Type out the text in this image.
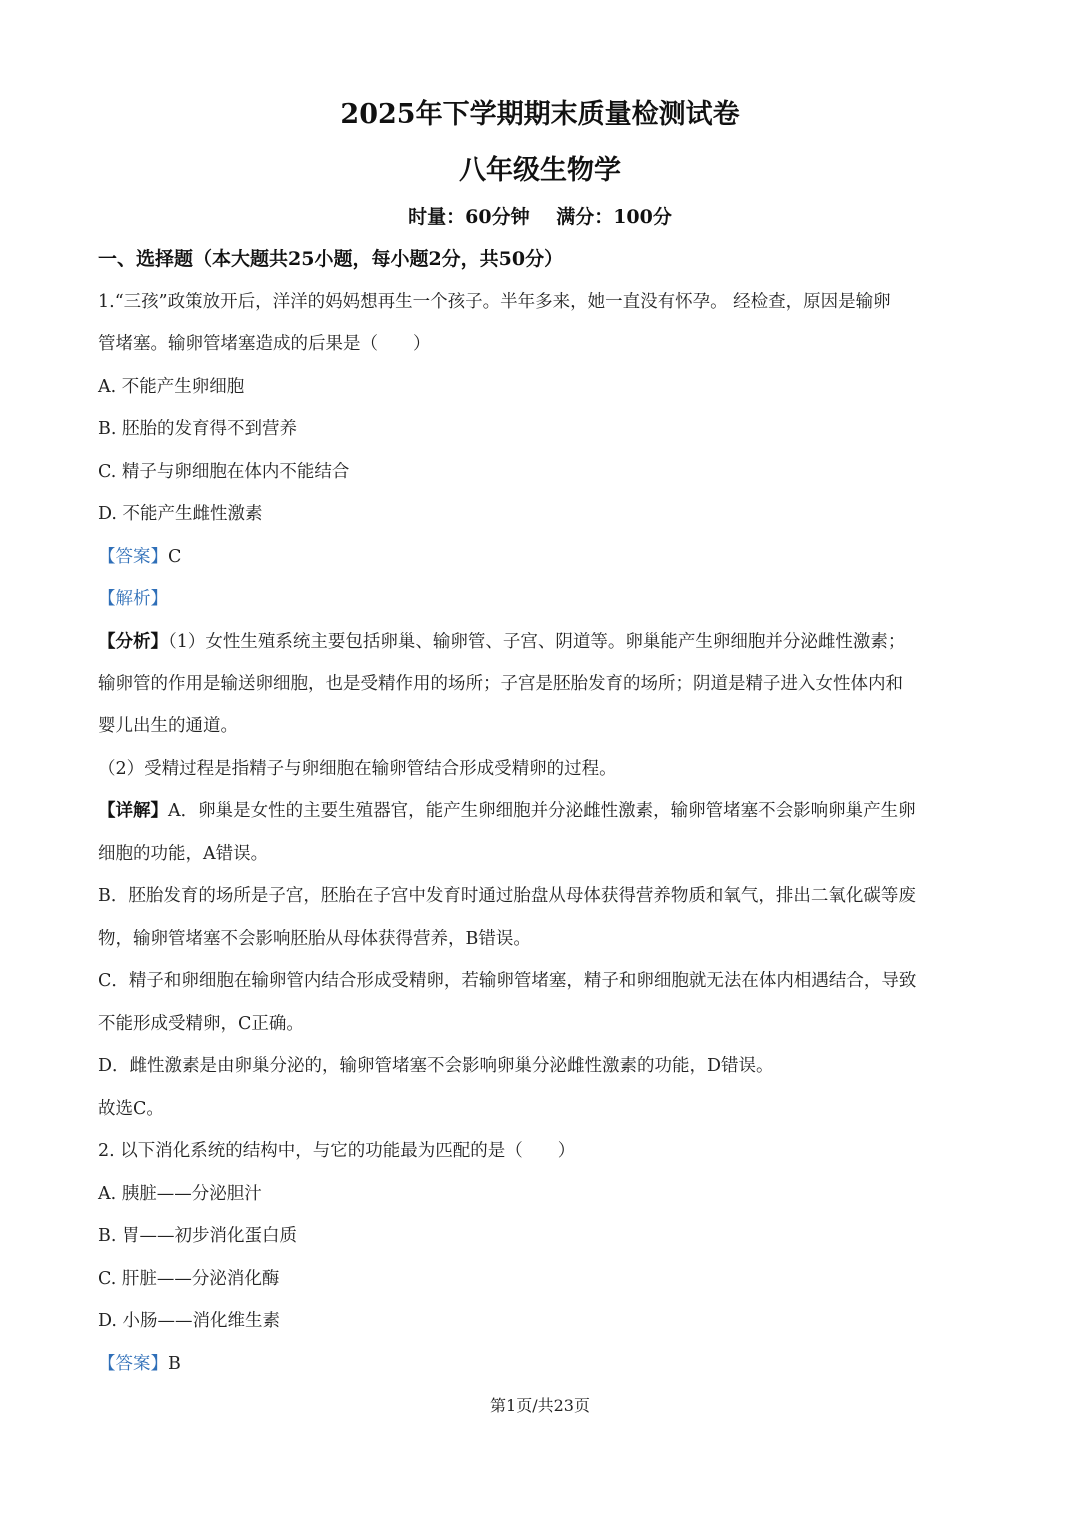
2025年下学期期末质量检测试卷
八年级生物学
时量：60分钟 满分：100分
一、选择题（本大题共25小题，每小题2分，共50分）
1.“三孩”政策放开后，洋洋的妈妈想再生一个孩子。半年多来，她一直没有怀孕。 经检查，原因是输卵
管堵塞。输卵管堵塞造成的后果是（　　）
A. 不能产生卵细胞
B. 胚胎的发育得不到营养
C. 精子与卵细胞在体内不能结合
D. 不能产生雌性激素
【答案】C
【解析】
【分析】（1）女性生殖系统主要包括卵巢、输卵管、子宫、阴道等。卵巢能产生卵细胞并分泌雌性激素；
输卵管的作用是输送卵细胞，也是受精作用的场所；子宫是胚胎发育的场所；阴道是精子进入女性体内和
婴儿出生的通道。
（2）受精过程是指精子与卵细胞在输卵管结合形成受精卵的过程。
【详解】A．卵巢是女性的主要生殖器官，能产生卵细胞并分泌雌性激素，输卵管堵塞不会影响卵巢产生卵
细胞的功能，A错误。
B．胚胎发育的场所是子宫，胚胎在子宫中发育时通过胎盘从母体获得营养物质和氧气，排出二氧化碳等废
物，输卵管堵塞不会影响胚胎从母体获得营养，B错误。
C．精子和卵细胞在输卵管内结合形成受精卵，若输卵管堵塞，精子和卵细胞就无法在体内相遇结合，导致
不能形成受精卵，C正确。
D．雌性激素是由卵巢分泌的，输卵管堵塞不会影响卵巢分泌雌性激素的功能，D错误。
故选C。
2. 以下消化系统的结构中，与它的功能最为匹配的是（　　）
A. 胰脏——分泌胆汁
B. 胃——初步消化蛋白质
C. 肝脏——分泌消化酶
D. 小肠——消化维生素
【答案】B
第1页/共23页
